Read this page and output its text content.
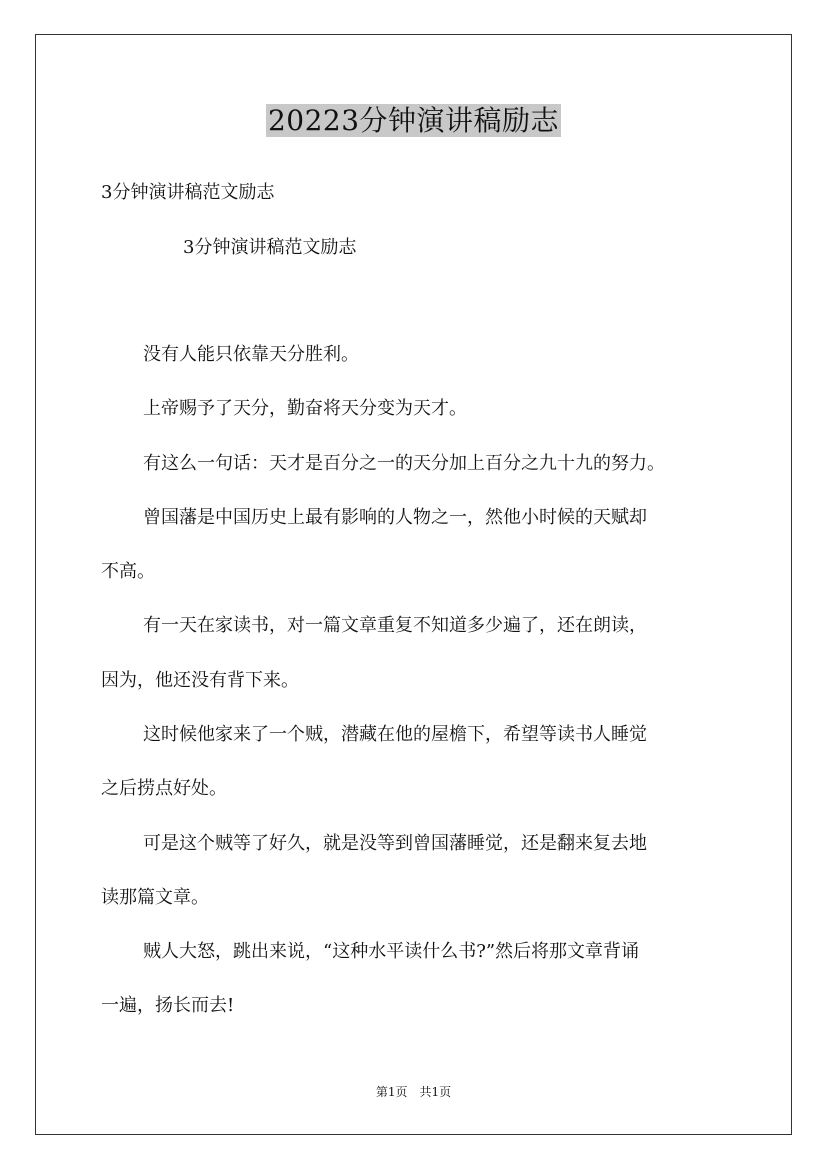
20223分钟演讲稿励志
3分钟演讲稿范文励志
3分钟演讲稿范文励志
没有人能只依靠天分胜利。
上帝赐予了天分，勤奋将天分变为天才。
有这么一句话：天才是百分之一的天分加上百分之九十九的努力。
曾国藩是中国历史上最有影响的人物之一，然他小时候的天赋却
不高。
有一天在家读书，对一篇文章重复不知道多少遍了，还在朗读，
因为，他还没有背下来。
这时候他家来了一个贼，潜藏在他的屋檐下，希望等读书人睡觉
之后捞点好处。
可是这个贼等了好久，就是没等到曾国藩睡觉，还是翻来复去地
读那篇文章。
贼人大怒，跳出来说，“这种水平读什么书?”然后将那文章背诵
一遍，扬长而去!
第1页　共1页
